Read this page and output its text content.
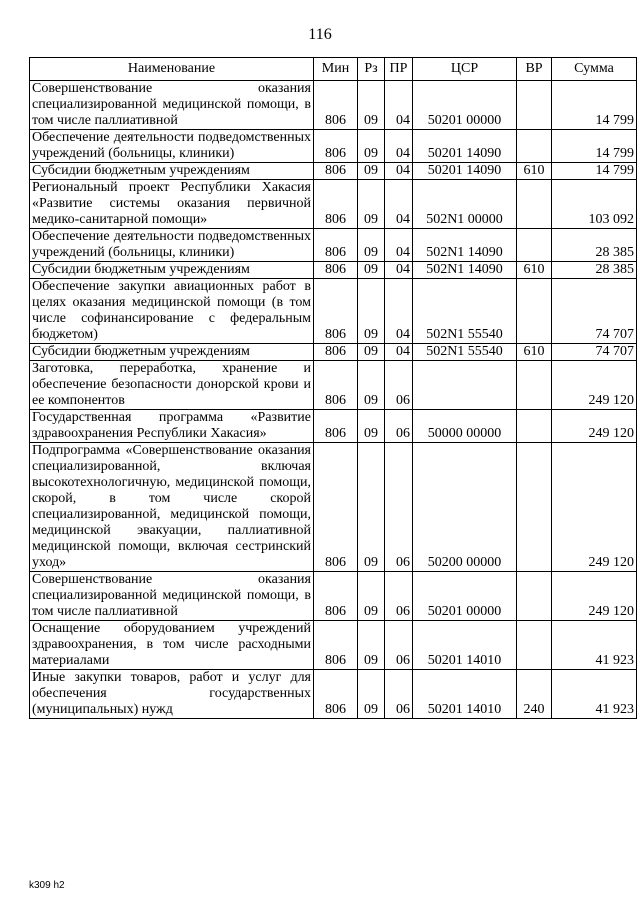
116
Наименование	Мин	Рз	ПР	ЦСР	ВР	Сумма
Совершенствование оказания специализированной медицинской помощи, в том числе паллиативной	806	09	04	50201 00000		14 799
Обеспечение деятельности подведомственных учреждений (больницы, клиники)	806	09	04	50201 14090		14 799
Субсидии бюджетным учреждениям	806	09	04	50201 14090	610	14 799
Региональный проект Республики Хакасия «Развитие системы оказания первичной медико-санитарной помощи»	806	09	04	502N1 00000		103 092
Обеспечение деятельности подведомственных учреждений (больницы, клиники)	806	09	04	502N1 14090		28 385
Субсидии бюджетным учреждениям	806	09	04	502N1 14090	610	28 385
Обеспечение закупки авиационных работ в целях оказания медицинской помощи (в том числе софинансирование с федеральным бюджетом)	806	09	04	502N1 55540		74 707
Субсидии бюджетным учреждениям	806	09	04	502N1 55540	610	74 707
Заготовка, переработка, хранение и обеспечение безопасности донорской крови и ее компонентов	806	09	06			249 120
Государственная программа «Развитие здравоохранения Республики Хакасия»	806	09	06	50000 00000		249 120
Подпрограмма «Совершенствование оказания специализированной, включая высокотехнологичную, медицинской помощи, скорой, в том числе скорой специализированной, медицинской помощи, медицинской эвакуации, паллиативной медицинской помощи, включая сестринский уход»	806	09	06	50200 00000		249 120
Совершенствование оказания специализированной медицинской помощи, в том числе паллиативной	806	09	06	50201 00000		249 120
Оснащение оборудованием учреждений здравоохранения, в том числе расходными материалами	806	09	06	50201 14010		41 923
Иные закупки товаров, работ и услуг для обеспечения государственных (муниципальных) нужд	806	09	06	50201 14010	240	41 923
k309 h2
